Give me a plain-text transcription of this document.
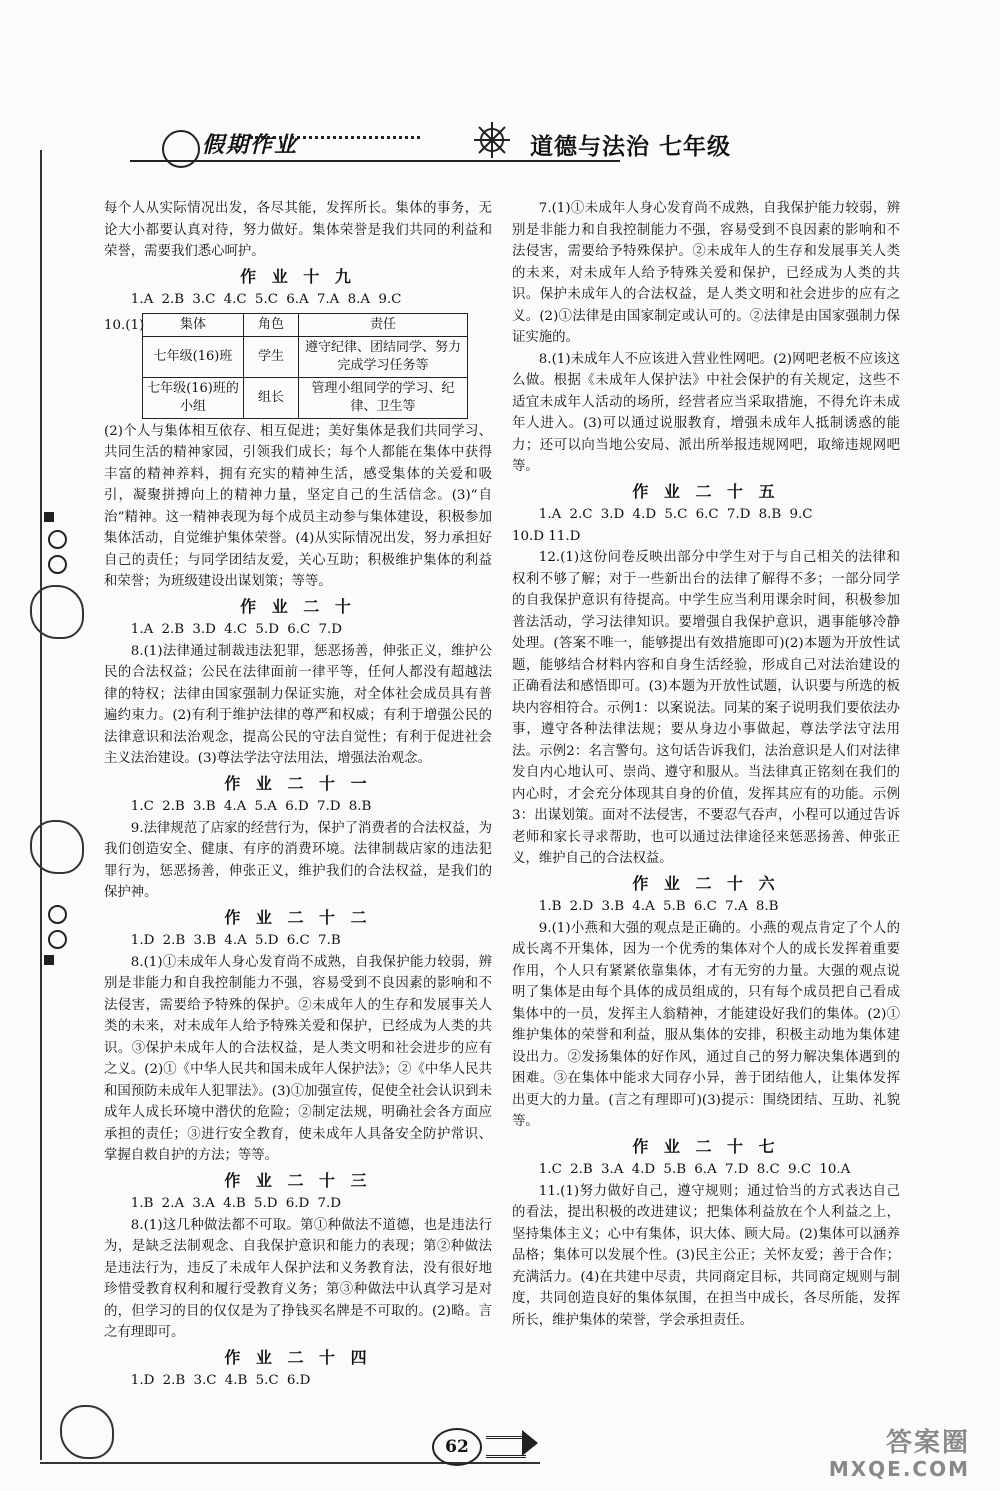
假期作业	道德与法治 七年级

每个人从实际情况出发，各尽其能，发挥所长。集体的事务，无论大小都要认真对待，努力做好。集体荣誉是我们共同的利益和荣誉，需要我们悉心呵护。

作 业 十 九

1.A 2.B 3.C 4.C 5.C 6.A 7.A 8.A 9.C

10.(1)	集体	角色	责任
七年级(16)班	学生	遵守纪律、团结同学、努力完成学习任务等
七年级(16)班的小组	组长	管理小组同学的学习、纪律、卫生等

(2)个人与集体相互依存、相互促进；美好集体是我们共同学习、共同生活的精神家园，引领我们成长；每个人都能在集体中获得丰富的精神养料，拥有充实的精神生活，感受集体的关爱和吸引，凝聚拼搏向上的精神力量，坚定自己的生活信念。(3)“自治”精神。这一精神表现为每个成员主动参与集体建设，积极参加集体活动，自觉维护集体荣誉。(4)从实际情况出发，努力承担好自己的责任；与同学团结友爱，关心互助；积极维护集体的利益和荣誉；为班级建设出谋划策；等等。

作 业 二 十

1.A 2.B 3.D 4.C 5.D 6.C 7.D

8.(1)法律通过制裁违法犯罪，惩恶扬善，伸张正义，维护公民的合法权益；公民在法律面前一律平等，任何人都没有超越法律的特权；法律由国家强制力保证实施，对全体社会成员具有普遍约束力。(2)有利于维护法律的尊严和权威；有利于增强公民的法律意识和法治观念，提高公民的守法自觉性；有利于促进社会主义法治建设。(3)尊法学法守法用法，增强法治观念。

作 业 二 十 一

1.C 2.B 3.B 4.A 5.A 6.D 7.D 8.B

9.法律规范了店家的经营行为，保护了消费者的合法权益，为我们创造安全、健康、有序的消费环境。法律制裁店家的违法犯罪行为，惩恶扬善，伸张正义，维护我们的合法权益，是我们的保护神。

作 业 二 十 二

1.D 2.B 3.B 4.A 5.D 6.C 7.B

8.(1)①未成年人身心发育尚不成熟，自我保护能力较弱，辨别是非能力和自我控制能力不强，容易受到不良因素的影响和不法侵害，需要给予特殊的保护。②未成年人的生存和发展事关人类的未来，对未成年人给予特殊关爱和保护，已经成为人类的共识。③保护未成年人的合法权益，是人类文明和社会进步的应有之义。(2)①《中华人民共和国未成年人保护法》；②《中华人民共和国预防未成年人犯罪法》。(3)①加强宣传，促使全社会认识到未成年人成长环境中潜伏的危险；②制定法规，明确社会各方面应承担的责任；③进行安全教育，使未成年人具备安全防护常识、掌握自救自护的方法；等等。

作 业 二 十 三

1.B 2.A 3.A 4.B 5.D 6.D 7.D

8.(1)这几种做法都不可取。第①种做法不道德，也是违法行为，是缺乏法制观念、自我保护意识和能力的表现；第②种做法是违法行为，违反了未成年人保护法和义务教育法，没有很好地珍惜受教育权利和履行受教育义务；第③种做法中认真学习是对的，但学习的目的仅仅是为了挣钱买名牌是不可取的。(2)略。言之有理即可。

作 业 二 十 四

1.D 2.B 3.C 4.B 5.C 6.D

7.(1)①未成年人身心发育尚不成熟，自我保护能力较弱，辨别是非能力和自我控制能力不强，容易受到不良因素的影响和不法侵害，需要给予特殊保护。②未成年人的生存和发展事关人类的未来，对未成年人给予特殊关爱和保护，已经成为人类的共识。保护未成年人的合法权益，是人类文明和社会进步的应有之义。(2)①法律是由国家制定或认可的。②法律是由国家强制力保证实施的。

8.(1)未成年人不应该进入营业性网吧。(2)网吧老板不应该这么做。根据《未成年人保护法》中社会保护的有关规定，这些不适宜未成年人活动的场所，经营者应当采取措施，不得允许未成年人进入。(3)可以通过说服教育，增强未成年人抵制诱惑的能力；还可以向当地公安局、派出所举报违规网吧，取缔违规网吧等。

作 业 二 十 五

1.A 2.C 3.D 4.D 5.C 6.C 7.D 8.B 9.C

10.D 11.D

12.(1)这份问卷反映出部分中学生对于与自己相关的法律和权利不够了解；对于一些新出台的法律了解得不多；一部分同学的自我保护意识有待提高。中学生应当利用课余时间，积极参加普法活动，学习法律知识。要增强自我保护意识，遇事能够冷静处理。(答案不唯一，能够提出有效措施即可)(2)本题为开放性试题，能够结合材料内容和自身生活经验，形成自己对法治建设的正确看法和感悟即可。(3)本题为开放性试题，认识要与所选的板块内容相符合。示例1：以案说法。同某的案子说明我们要依法办事，遵守各种法律法规；要从身边小事做起，尊法学法守法用法。示例2：名言警句。这句话告诉我们，法治意识是人们对法律发自内心地认可、崇尚、遵守和服从。当法律真正铭刻在我们的内心时，才会充分体现其自身的价值，发挥其应有的功能。示例3：出谋划策。面对不法侵害，不要忍气吞声，小程可以通过告诉老师和家长寻求帮助，也可以通过法律途径来惩恶扬善、伸张正义，维护自己的合法权益。

作 业 二 十 六

1.B 2.D 3.B 4.A 5.B 6.C 7.A 8.B

9.(1)小燕和大强的观点是正确的。小燕的观点肯定了个人的成长离不开集体，因为一个优秀的集体对个人的成长发挥着重要作用，个人只有紧紧依靠集体，才有无穷的力量。大强的观点说明了集体是由每个具体的成员组成的，只有每个成员把自己看成集体中的一员，发挥主人翁精神，才能建设好我们的集体。(2)①维护集体的荣誉和利益，服从集体的安排，积极主动地为集体建设出力。②发扬集体的好作风，通过自己的努力解决集体遇到的困难。③在集体中能求大同存小异，善于团结他人，让集体发挥出更大的力量。(言之有理即可)(3)提示：围绕团结、互助、礼貌等。

作 业 二 十 七

1.C 2.B 3.A 4.D 5.B 6.A 7.D 8.C 9.C 10.A

11.(1)努力做好自己，遵守规则；通过恰当的方式表达自己的看法，提出积极的改进建议；把集体利益放在个人利益之上，坚持集体主义；心中有集体，识大体、顾大局。(2)集体可以涵养品格；集体可以发展个性。(3)民主公正；关怀友爱；善于合作；充满活力。(4)在共建中尽责，共同商定目标，共同商定规则与制度，共同创造良好的集体氛围，在担当中成长，各尽所能，发挥所长，维护集体的荣誉，学会承担责任。

62	答案圈
MXQE.COM
